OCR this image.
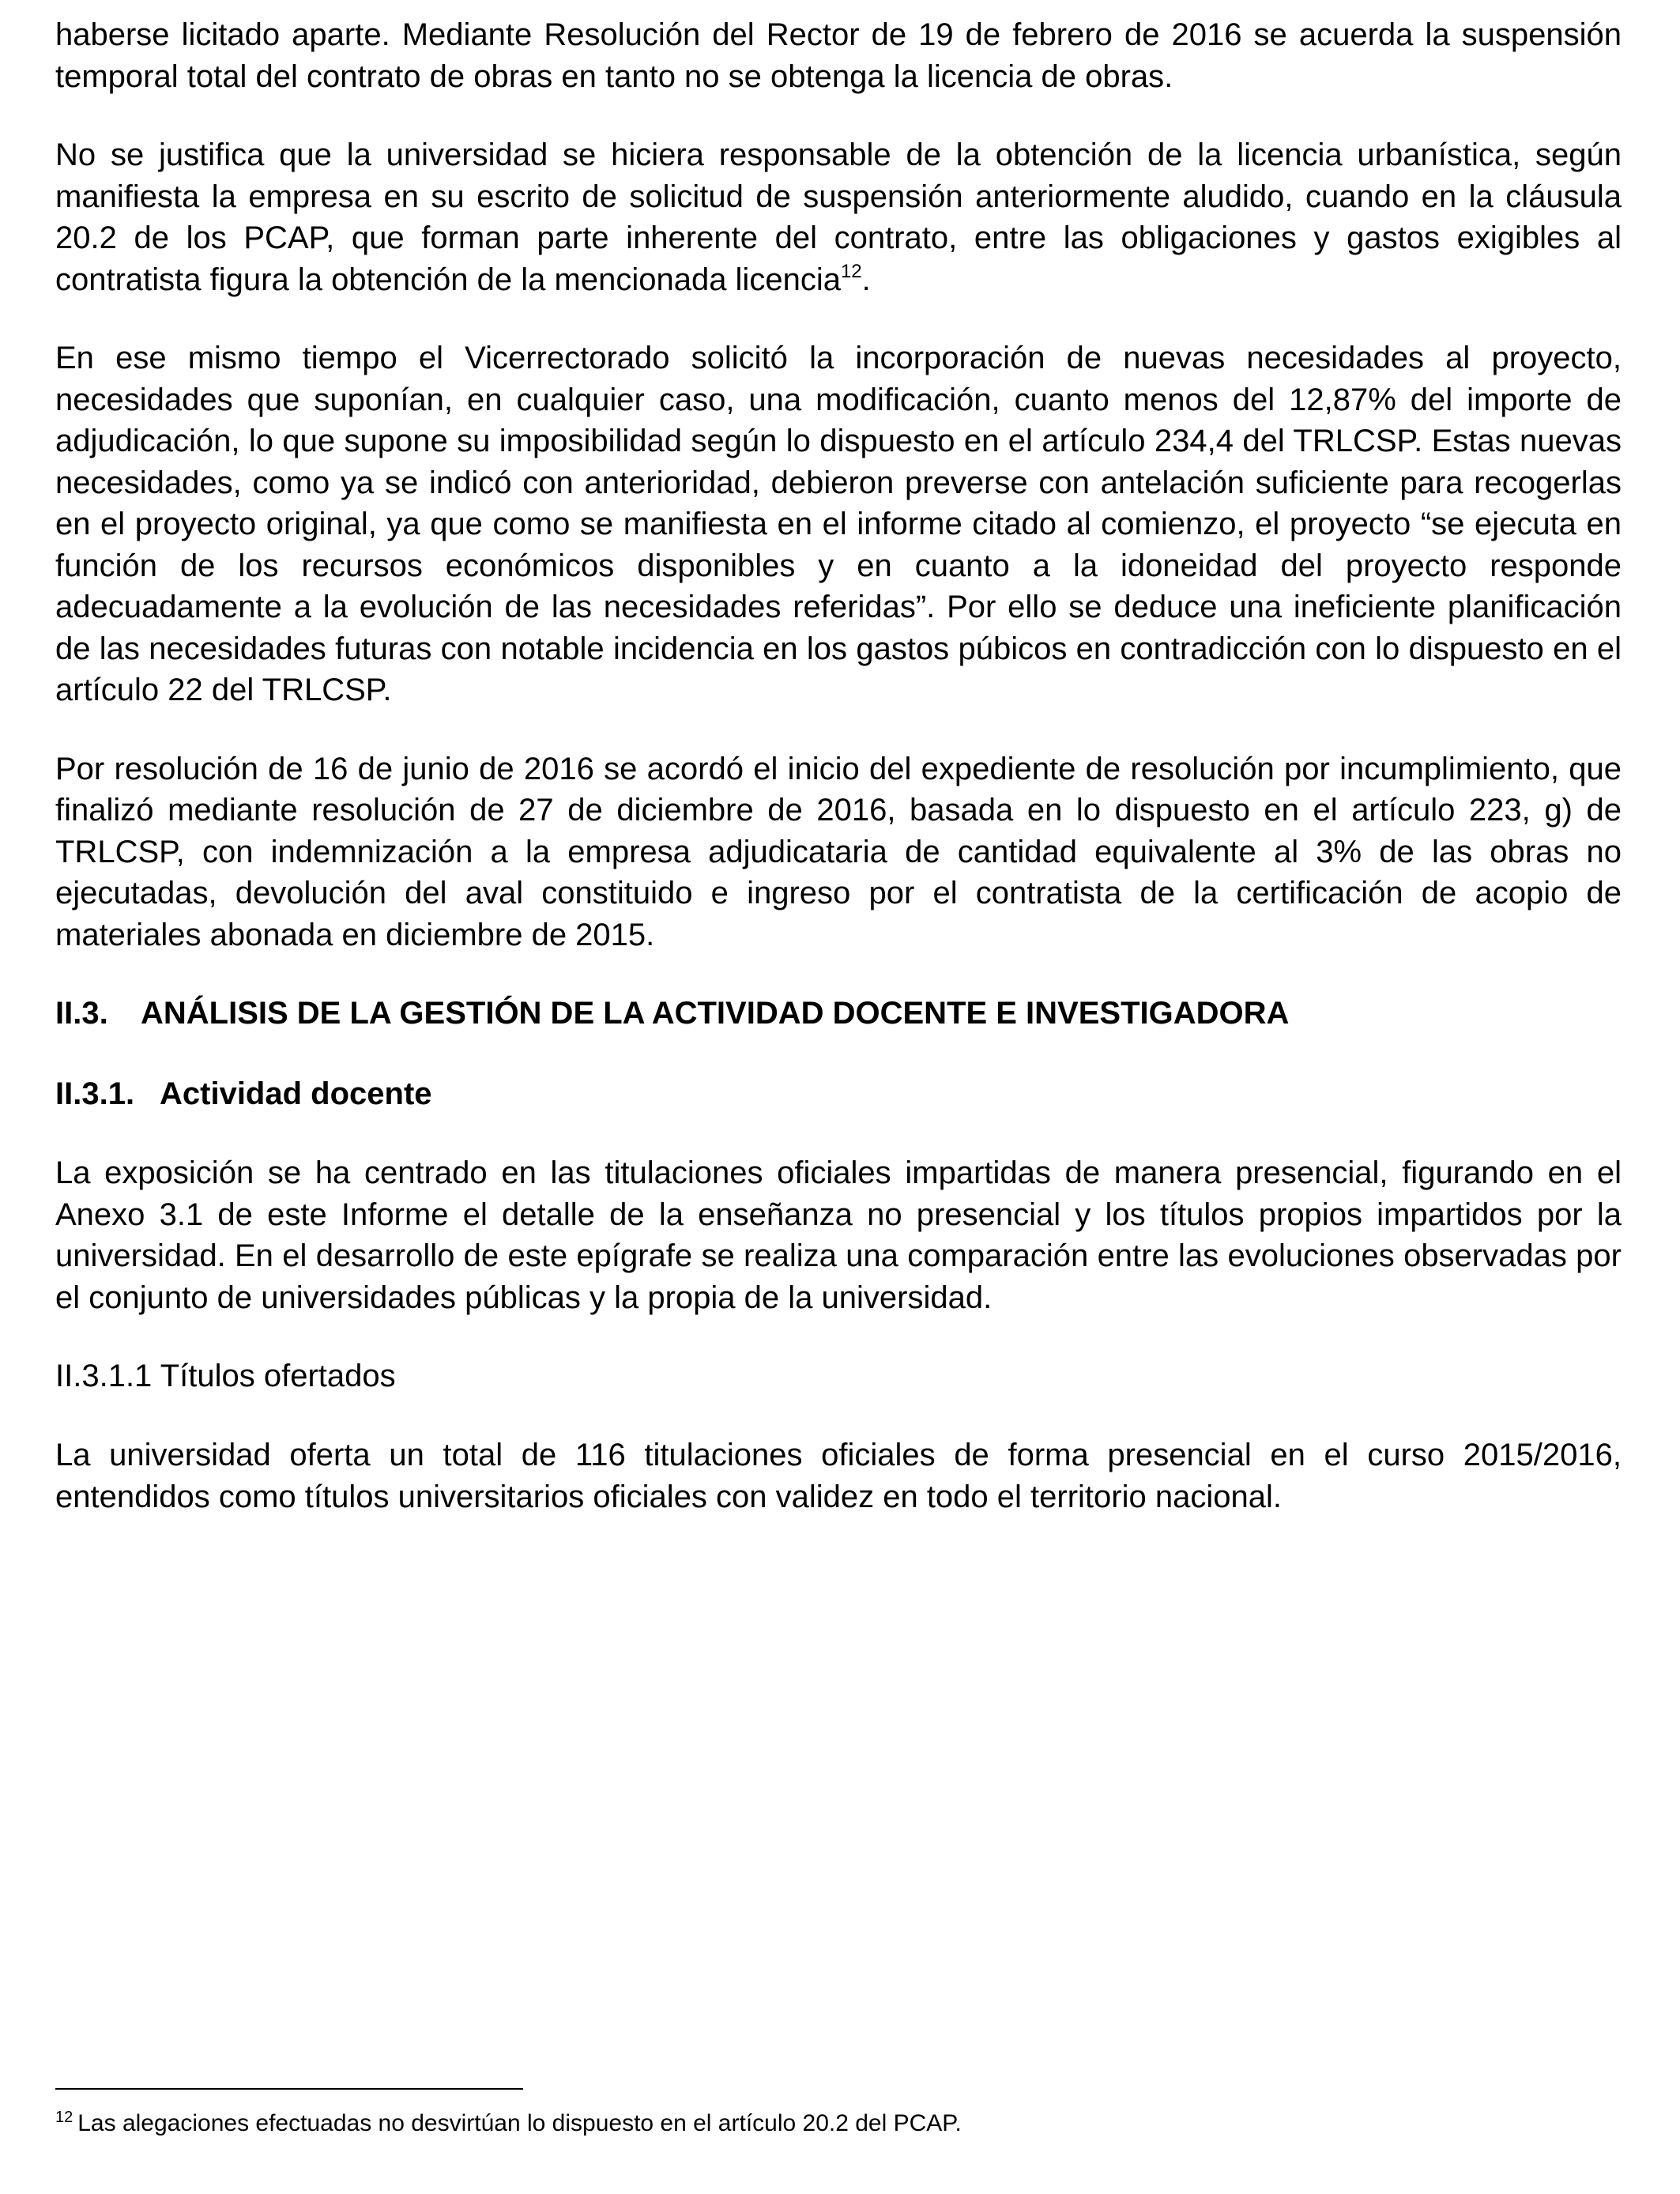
haberse licitado aparte. Mediante Resolución del Rector de 19 de febrero de 2016 se acuerda la suspensión temporal total del contrato de obras en tanto no se obtenga la licencia de obras.

No se justifica que la universidad se hiciera responsable de la obtención de la licencia urbanística, según manifiesta la empresa en su escrito de solicitud de suspensión anteriormente aludido, cuando en la cláusula 20.2 de los PCAP, que forman parte inherente del contrato, entre las obligaciones y gastos exigibles al contratista figura la obtención de la mencionada licencia$^{12}$.

En ese mismo tiempo el Vicerrectorado solicitó la incorporación de nuevas necesidades al proyecto, necesidades que suponían, en cualquier caso, una modificación, cuanto menos del 12,87% del importe de adjudicación, lo que supone su imposibilidad según lo dispuesto en el artículo 234,4 del TRLCSP. Estas nuevas necesidades, como ya se indicó con anterioridad, debieron preverse con antelación suficiente para recogerlas en el proyecto original, ya que como se manifiesta en el informe citado al comienzo, el proyecto “se ejecuta en función de los recursos económicos disponibles y en cuanto a la idoneidad del proyecto responde adecuadamente a la evolución de las necesidades referidas”. Por ello se deduce una ineficiente planificación de las necesidades futuras con notable incidencia en los gastos púbicos en contradicción con lo dispuesto en el artículo 22 del TRLCSP.

Por resolución de 16 de junio de 2016 se acordó el inicio del expediente de resolución por incumplimiento, que finalizó mediante resolución de 27 de diciembre de 2016, basada en lo dispuesto en el artículo 223, g) de TRLCSP, con indemnización a la empresa adjudicataria de cantidad equivalente al 3% de las obras no ejecutadas, devolución del aval constituido e ingreso por el contratista de la certificación de acopio de materiales abonada en diciembre de 2015.

II.3. ANÁLISIS DE LA GESTIÓN DE LA ACTIVIDAD DOCENTE E INVESTIGADORA
II.3.1. Actividad docente

La exposición se ha centrado en las titulaciones oficiales impartidas de manera presencial, figurando en el Anexo 3.1 de este Informe el detalle de la enseñanza no presencial y los títulos propios impartidos por la universidad. En el desarrollo de este epígrafe se realiza una comparación entre las evoluciones observadas por el conjunto de universidades públicas y la propia de la universidad.

II.3.1.1 Títulos ofertados

La universidad oferta un total de 116 titulaciones oficiales de forma presencial en el curso 2015/2016, entendidos como títulos universitarios oficiales con validez en todo el territorio nacional.

$^{12}$ Las alegaciones efectuadas no desvirtúan lo dispuesto en el artículo 20.2 del PCAP.
